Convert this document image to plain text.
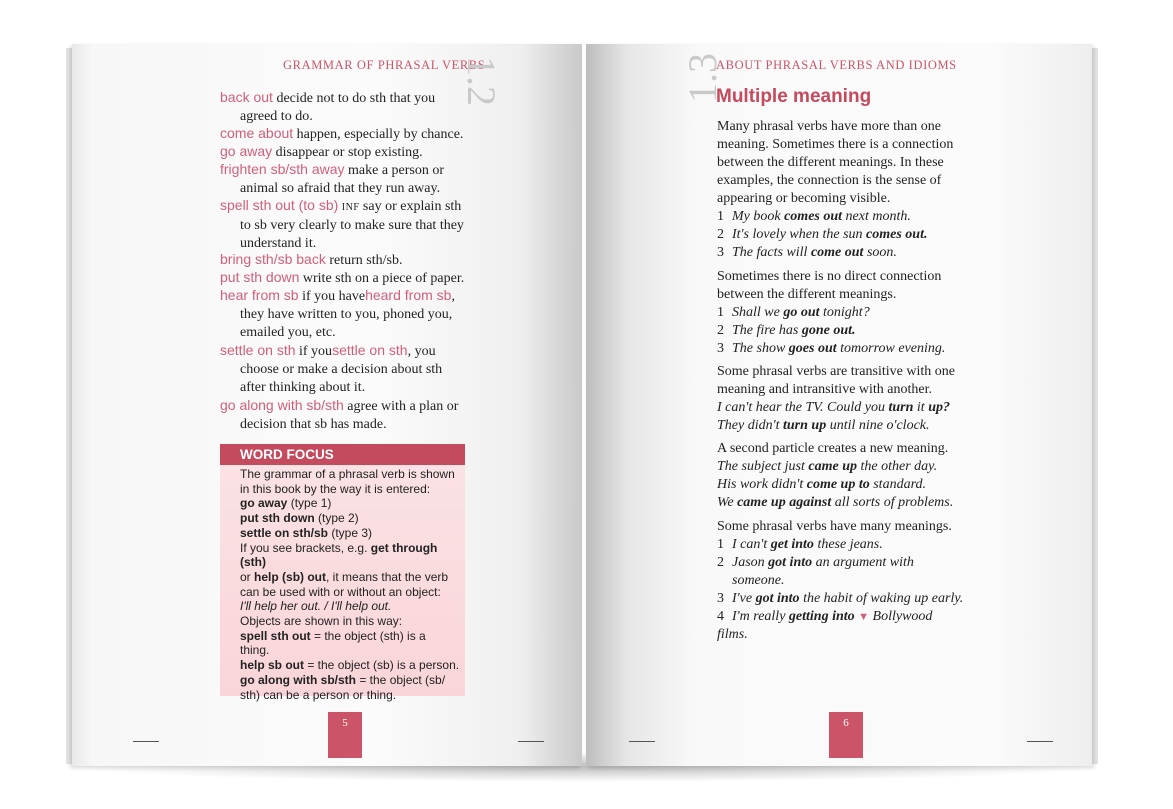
GRAMMAR OF PHRASAL VERBS
1.2
back out decide not to do sth that you
agreed to do.
come about happen, especially by chance.
go away disappear or stop existing.
frighten sb/sth away make a person or
animal so afraid that they run away.
spell sth out (to sb) INF say or explain sth
to sb very clearly to make sure that they
understand it.
bring sth/sb back return sth/sb.
put sth down write sth on a piece of paper.
hear from sb if you haveheard from sb,
they have written to you, phoned you,
emailed you, etc.
settle on sth if yousettle on sth, you
choose or make a decision about sth
after thinking about it.
go along with sb/sth agree with a plan or
decision that sb has made.
WORD FOCUS
The grammar of a phrasal verb is shown
in this book by the way it is entered:
go away (type 1)
put sth down (type 2)
settle on sth/sb (type 3)
If you see brackets, e.g. get through (sth)
or help (sb) out, it means that the verb
can be used with or without an object:
I'll help her out. / I'll help out.
Objects are shown in this way:
spell sth out = the object (sth) is a
thing.
help sb out = the object (sb) is a person.
go along with sb/sth = the object (sb/
sth) can be a person or thing.
5
1.3
ABOUT PHRASAL VERBS AND IDIOMS
Multiple meaning
Many phrasal verbs have more than one
meaning. Sometimes there is a connection
between the different meanings. In these
examples, the connection is the sense of
appearing or becoming visible.
1 My book comes out next month.
2 It's lovely when the sun comes out.
3 The facts will come out soon.
Sometimes there is no direct connection
between the different meanings.
1 Shall we go out tonight?
2 The fire has gone out.
3 The show goes out tomorrow evening.
Some phrasal verbs are transitive with one
meaning and intransitive with another.
I can't hear the TV. Could you turn it up?
They didn't turn up until nine o'clock.
A second particle creates a new meaning.
The subject just came up the other day.
His work didn't come up to standard.
We came up against all sorts of problems.
Some phrasal verbs have many meanings.
1 I can't get into these jeans.
2 Jason got into an argument with
someone.
3 I've got into the habit of waking up early.
4 I'm really getting into ▼ Bollywood
films.
6
